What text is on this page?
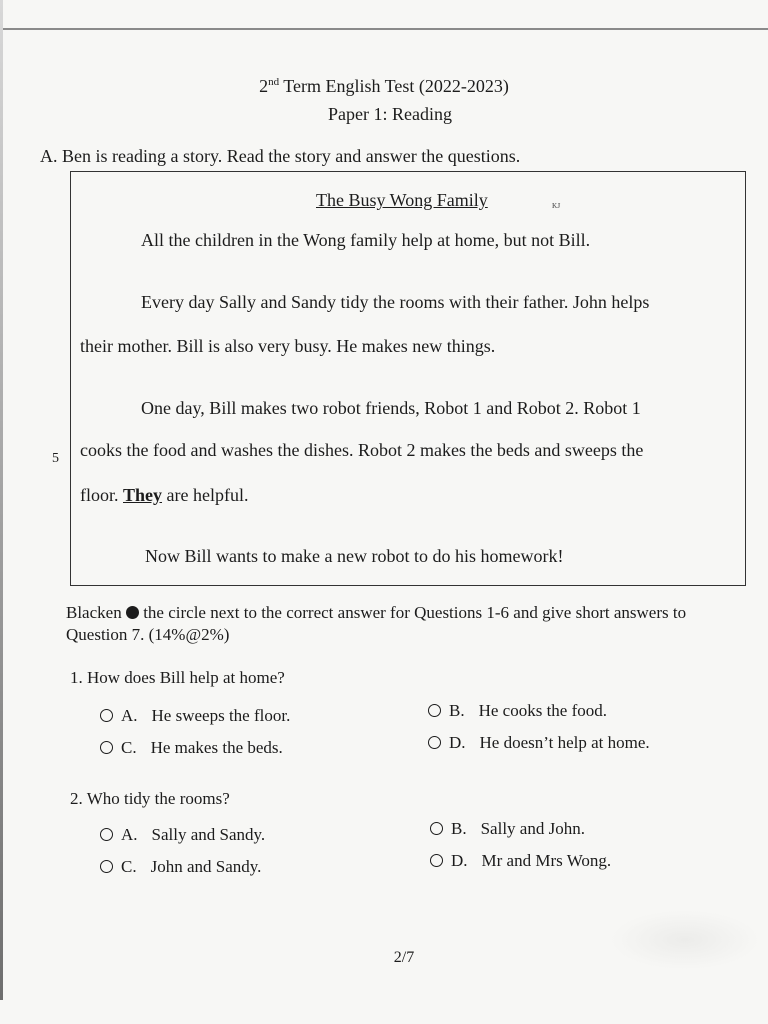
2nd Term English Test (2022-2023)
Paper 1: Reading
A. Ben is reading a story. Read the story and answer the questions.
The Busy Wong Family	ᴋᴊ
All the children in the Wong family help at home, but not Bill.
Every day Sally and Sandy tidy the rooms with their father. John helps
their mother. Bill is also very busy. He makes new things.
One day, Bill makes two robot friends, Robot 1 and Robot 2. Robot 1
cooks the food and washes the dishes. Robot 2 makes the beds and sweeps the
floor. They are helpful.
Now Bill wants to make a new robot to do his homework!
5
Blacken  the circle next to the correct answer for Questions 1-6 and give short answers to Question 7. (14%@2%)
1. How does Bill help at home?
A. He sweeps the floor.	B. He cooks the food.
C. He makes the beds.	D. He doesn’t help at home.
2. Who tidy the rooms?
A. Sally and Sandy.	B. Sally and John.
C. John and Sandy.	D. Mr and Mrs Wong.
2/7
